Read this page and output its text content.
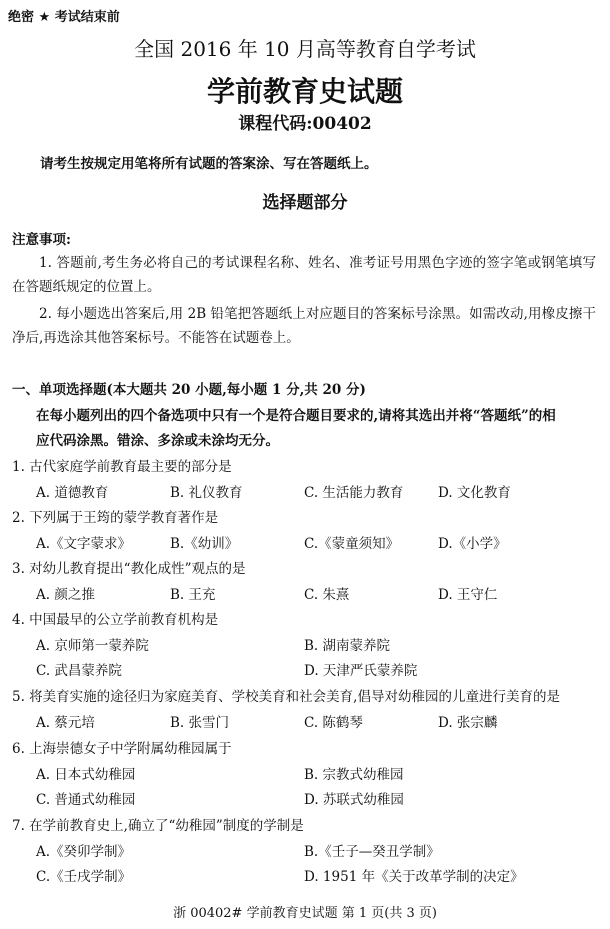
绝密 ★ 考试结束前
全国 2016 年 10 月高等教育自学考试
学前教育史试题
课程代码:00402
请考生按规定用笔将所有试题的答案涂、写在答题纸上。
选择题部分
注意事项:
1. 答题前,考生务必将自己的考试课程名称、姓名、准考证号用黑色字迹的签字笔或钢笔填写在答题纸规定的位置上。
2. 每小题选出答案后,用 2B 铅笔把答题纸上对应题目的答案标号涂黑。如需改动,用橡皮擦干净后,再选涂其他答案标号。不能答在试题卷上。
一、单项选择题(本大题共 20 小题,每小题 1 分,共 20 分)
在每小题列出的四个备选项中只有一个是符合题目要求的,请将其选出并将“答题纸”的相
应代码涂黑。错涂、多涂或未涂均无分。
1. 古代家庭学前教育最主要的部分是
A. 道德教育	B. 礼仪教育	C. 生活能力教育	D. 文化教育
2. 下列属于王筠的蒙学教育著作是
A.《文字蒙求》	B.《幼训》	C.《蒙童须知》	D.《小学》
3. 对幼儿教育提出“教化成性”观点的是
A. 颜之推	B. 王充	C. 朱熹	D. 王守仁
4. 中国最早的公立学前教育机构是
A. 京师第一蒙养院	B. 湖南蒙养院
C. 武昌蒙养院	D. 天津严氏蒙养院
5. 将美育实施的途径归为家庭美育、学校美育和社会美育,倡导对幼稚园的儿童进行美育的是
A. 蔡元培	B. 张雪门	C. 陈鹤琴	D. 张宗麟
6. 上海崇德女子中学附属幼稚园属于
A. 日本式幼稚园	B. 宗教式幼稚园
C. 普通式幼稚园	D. 苏联式幼稚园
7. 在学前教育史上,确立了“幼稚园”制度的学制是
A.《癸卯学制》	B.《壬子—癸丑学制》
C.《壬戌学制》	D. 1951 年《关于改革学制的决定》
浙 00402# 学前教育史试题 第 1 页(共 3 页)
